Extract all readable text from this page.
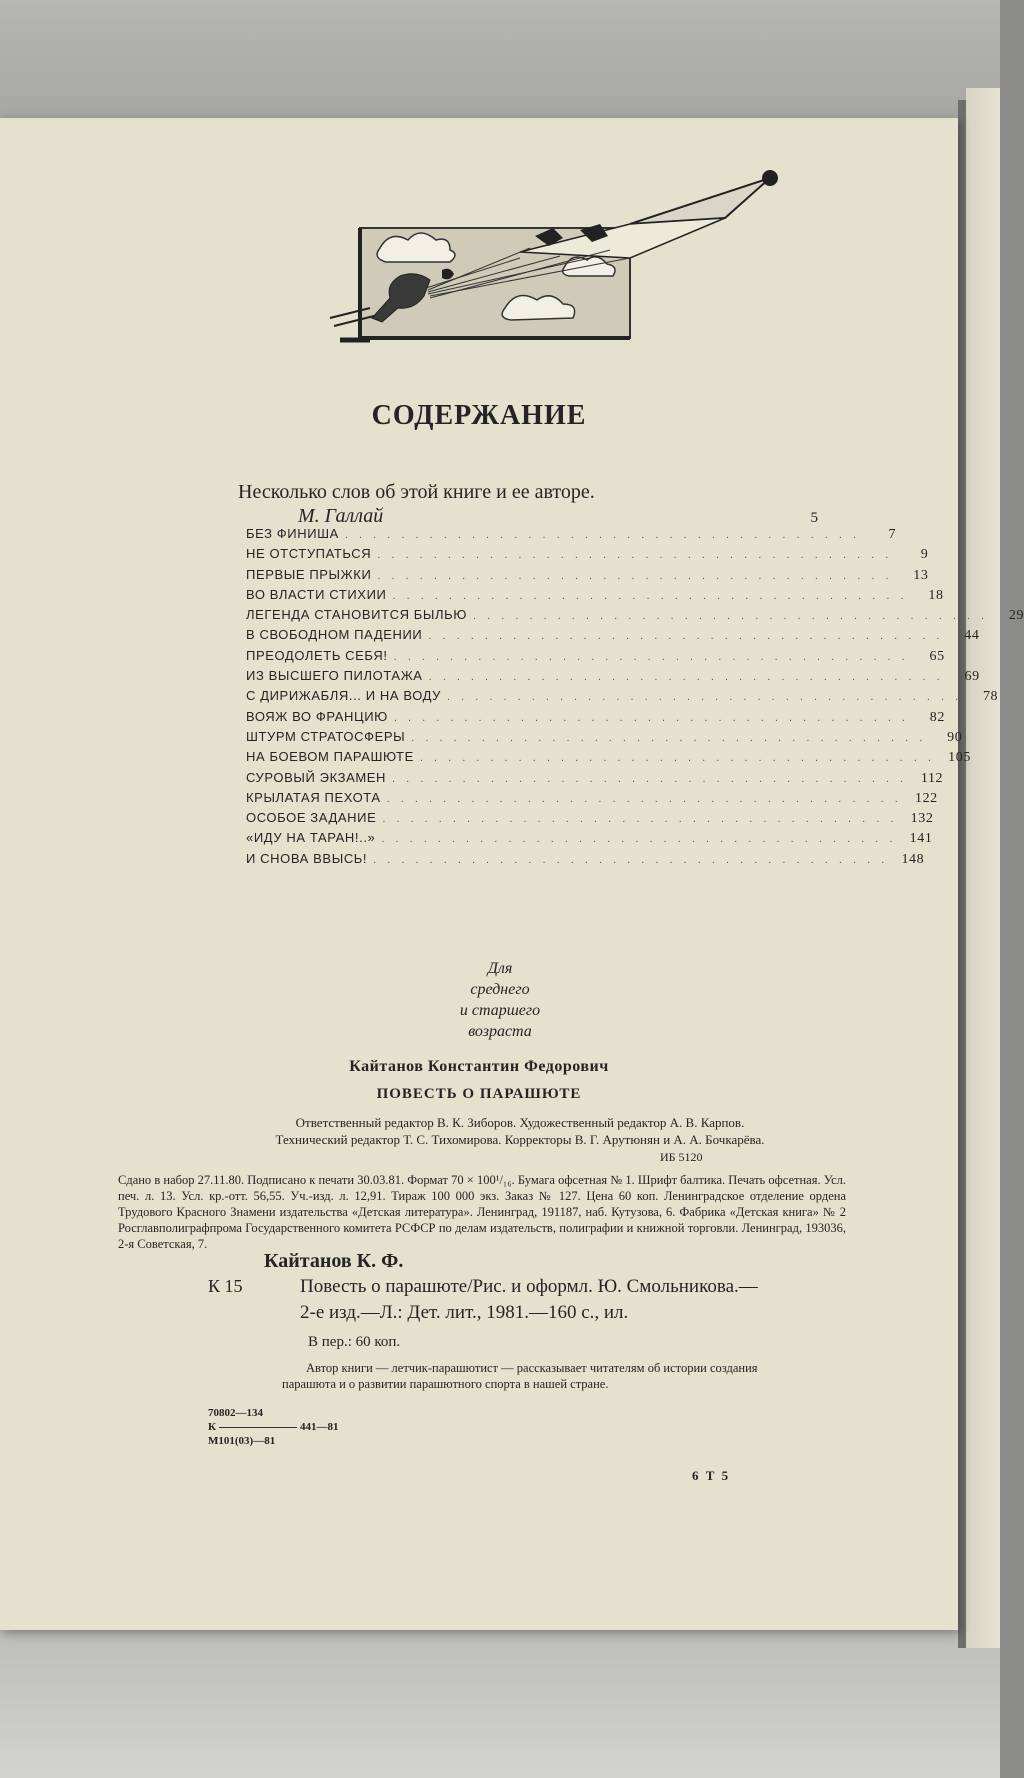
СОДЕРЖАНИЕ
Несколько слов об этой книге и ее авторе.
М. Галлай	5
БЕЗ ФИНИША . . . . . . . . . . . . . . . . . . . . . . . . . . . . . . . . . . . . .	7
НЕ ОТСТУПАТЬСЯ . . . . . . . . . . . . . . . . . . . . . . . . . . . . . . . . . . . . .	9
ПЕРВЫЕ ПРЫЖКИ . . . . . . . . . . . . . . . . . . . . . . . . . . . . . . . . . . . . .	13
ВО ВЛАСТИ СТИХИИ . . . . . . . . . . . . . . . . . . . . . . . . . . . . . . . . . . . . .	18
ЛЕГЕНДА СТАНОВИТСЯ БЫЛЬЮ . . . . . . . . . . . . . . . . . . . . . . . . . . . . . . . . . . . . .	29
В СВОБОДНОМ ПАДЕНИИ . . . . . . . . . . . . . . . . . . . . . . . . . . . . . . . . . . . . .	44
ПРЕОДОЛЕТЬ СЕБЯ! . . . . . . . . . . . . . . . . . . . . . . . . . . . . . . . . . . . . .	65
ИЗ ВЫСШЕГО ПИЛОТАЖА . . . . . . . . . . . . . . . . . . . . . . . . . . . . . . . . . . . . .	69
С ДИРИЖАБЛЯ... И НА ВОДУ . . . . . . . . . . . . . . . . . . . . . . . . . . . . . . . . . . . . .	78
ВОЯЖ ВО ФРАНЦИЮ . . . . . . . . . . . . . . . . . . . . . . . . . . . . . . . . . . . . .	82
ШТУРМ СТРАТОСФЕРЫ . . . . . . . . . . . . . . . . . . . . . . . . . . . . . . . . . . . . .	90
НА БОЕВОМ ПАРАШЮТЕ . . . . . . . . . . . . . . . . . . . . . . . . . . . . . . . . . . . . . 105
СУРОВЫЙ ЭКЗАМЕН . . . . . . . . . . . . . . . . . . . . . . . . . . . . . . . . . . . . . 112
КРЫЛАТАЯ ПЕХОТА . . . . . . . . . . . . . . . . . . . . . . . . . . . . . . . . . . . . . 122
ОСОБОЕ ЗАДАНИЕ . . . . . . . . . . . . . . . . . . . . . . . . . . . . . . . . . . . . . 132
«ИДУ НА ТАРАН!..» . . . . . . . . . . . . . . . . . . . . . . . . . . . . . . . . . . . . . 141
И СНОВА ВВЫСЬ! . . . . . . . . . . . . . . . . . . . . . . . . . . . . . . . . . . . . . 148
Для
среднего
и старшего
возраста
Кайтанов Константин Федорович
ПОВЕСТЬ О ПАРАШЮТЕ
Ответственный редактор В. К. Зиборов. Художественный редактор А. В. Карпов.
Технический редактор Т. С. Тихомирова. Корректоры В. Г. Арутюнян и А. А. Бочкарёва.
ИБ 5120
Сдано в набор 27.11.80. Подписано к печати 30.03.81. Формат 70 × 100¹/₁₆. Бумага офсетная № 1. Шрифт балтика. Печать офсетная. Усл. печ. л. 13. Усл. кр.-отт. 56,55. Уч.-изд. л. 12,91. Тираж 100 000 экз. Заказ № 127. Цена 60 коп. Ленинградское отделение ордена Трудового Красного Знамени издательства «Детская литература». Ленинград, 191187, наб. Кутузова, 6. Фабрика «Детская книга» № 2 Росглавполиграфпрома Государственного комитета РСФСР по делам издательств, полиграфии и книжной торговли. Ленинград, 193036, 2-я Советская, 7.
Кайтанов К. Ф.
К 15	Повесть о парашюте/Рис. и оформл. Ю. Смольникова.—2-е изд.—Л.: Дет. лит., 1981.—160 с., ил.
В пер.: 60 коп.
Автор книги — летчик-парашютист — рассказывает читателям об истории создания парашюта и о развитии парашютного спорта в нашей стране.
70802—134
К	441—81
М101(03)—81
6 Т 5
